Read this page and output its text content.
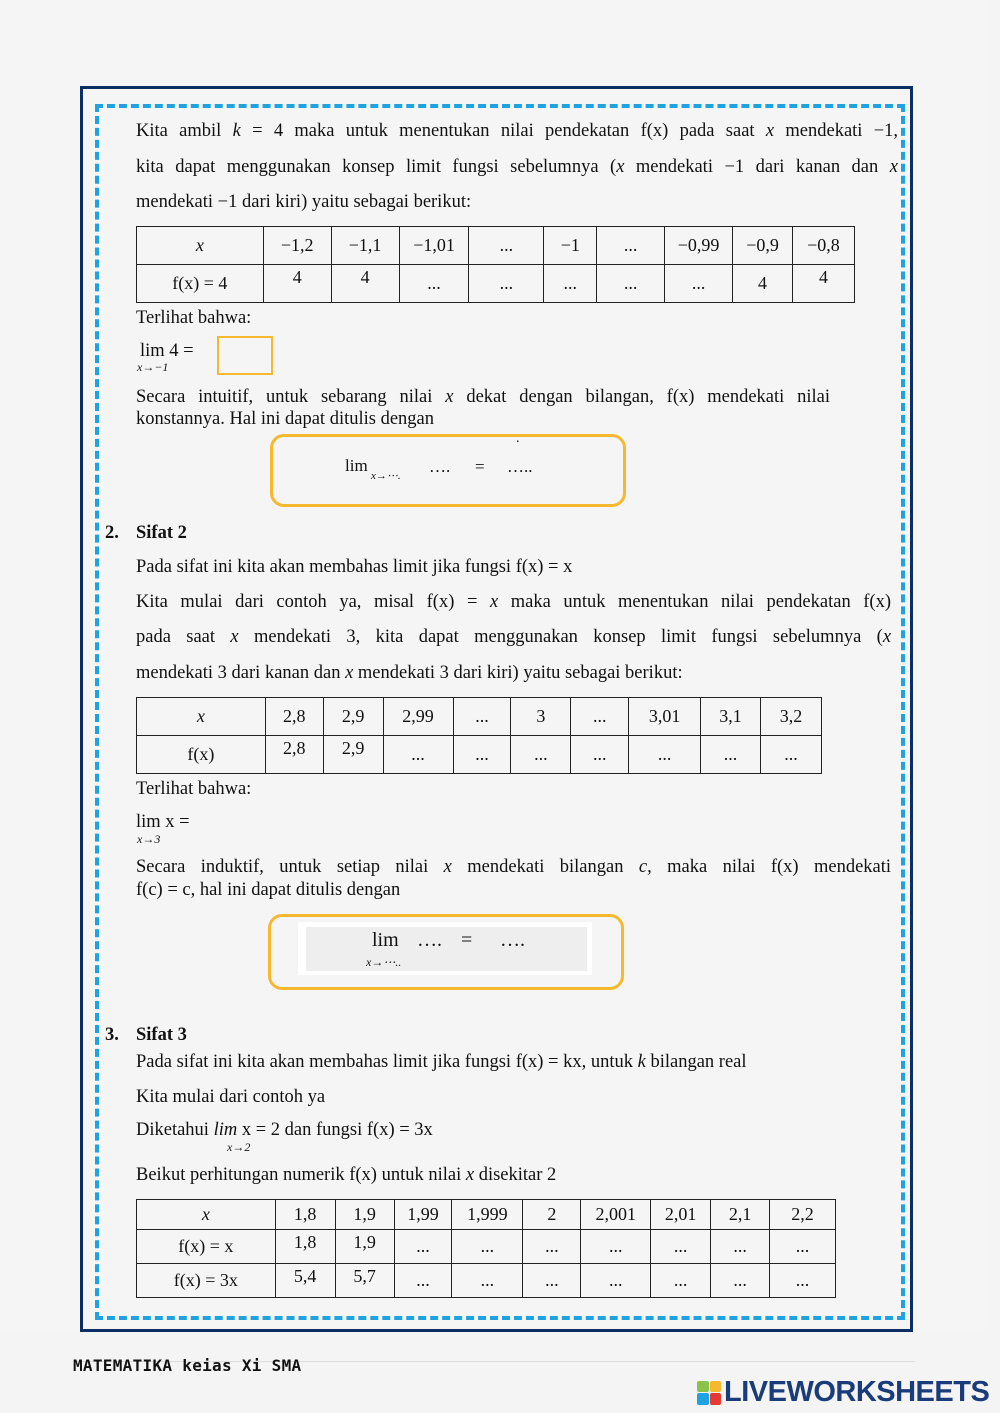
Kita ambil k = 4 maka untuk menentukan nilai pendekatan f(x) pada saat x mendekati −1,
kita dapat menggunakan konsep limit fungsi sebelumnya (x mendekati −1 dari kanan dan x
mendekati −1 dari kiri) yaitu sebagai berikut:
x	−1,2	−1,1	−1,01	...	−1	...	−0,99	−0,9	−0,8
f(x) = 4	4	4	...	...	...	...	...	4	4
Terlihat bahwa:
lim 4 =
x→−1
Secara intuitif, untuk sebarang nilai x dekat dengan bilangan, f(x) mendekati nilai
konstannya. Hal ini dapat ditulis dengan
.
lim
x→⋯. …. = …..
2. Sifat 2
Pada sifat ini kita akan membahas limit jika fungsi f(x) = x
Kita mulai dari contoh ya, misal f(x) = x maka untuk menentukan nilai pendekatan f(x)
pada saat x mendekati 3, kita dapat menggunakan konsep limit fungsi sebelumnya (x
mendekati 3 dari kanan dan x mendekati 3 dari kiri) yaitu sebagai berikut:
x	2,8	2,9	2,99	...	3	...	3,01	3,1	3,2
f(x)	2,8	2,9	...	...	...	...	...	...	...
Terlihat bahwa:
lim x =
x→3
Secara induktif, untuk setiap nilai x mendekati bilangan c, maka nilai f(x) mendekati
f(c) = c, hal ini dapat ditulis dengan
lim
x→⋯..
…. = ….
3. Sifat 3
Pada sifat ini kita akan membahas limit jika fungsi f(x) = kx, untuk k bilangan real
Kita mulai dari contoh ya
Diketahui lim x = 2 dan fungsi f(x) = 3x
x→2
Beikut perhitungan numerik f(x) untuk nilai x disekitar 2
x	1,8	1,9	1,99	1,999	2	2,001	2,01	2,1	2,2
f(x) = x	1,8	1,9	...	...	...	...	...	...	...
f(x) = 3x	5,4	5,7	...	...	...	...	...	...	...
MATEMATIKA keias Xi SMA
LIVEWORKSHEETS
